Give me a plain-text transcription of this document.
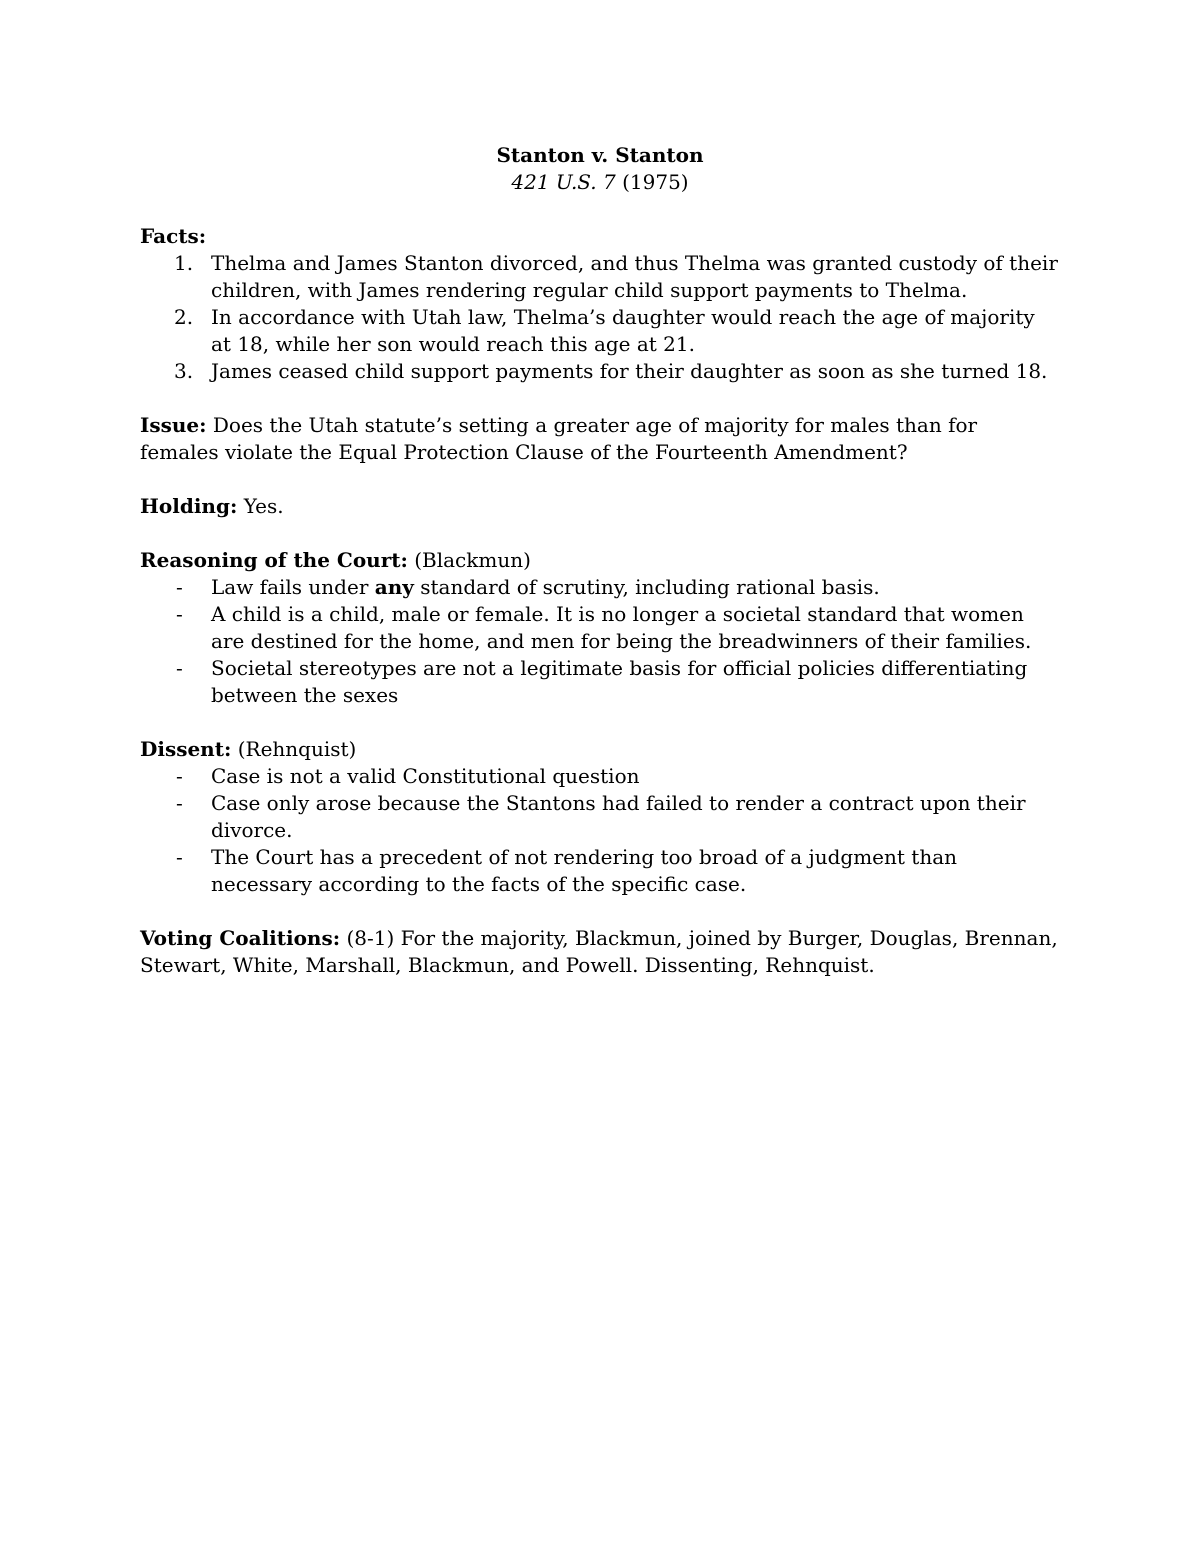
Stanton v. Stanton
421 U.S. 7 (1975)
Facts:
1. Thelma and James Stanton divorced, and thus Thelma was granted custody of their children, with James rendering regular child support payments to Thelma.
2. In accordance with Utah law, Thelma’s daughter would reach the age of majority at 18, while her son would reach this age at 21.
3. James ceased child support payments for their daughter as soon as she turned 18.
Issue: Does the Utah statute’s setting a greater age of majority for males than for females violate the Equal Protection Clause of the Fourteenth Amendment?
Holding: Yes.
Reasoning of the Court: (Blackmun)
- Law fails under any standard of scrutiny, including rational basis.
- A child is a child, male or female. It is no longer a societal standard that women are destined for the home, and men for being the breadwinners of their families.
- Societal stereotypes are not a legitimate basis for official policies differentiating between the sexes
Dissent: (Rehnquist)
- Case is not a valid Constitutional question
- Case only arose because the Stantons had failed to render a contract upon their divorce.
- The Court has a precedent of not rendering too broad of a judgment than necessary according to the facts of the specific case.
Voting Coalitions: (8-1) For the majority, Blackmun, joined by Burger, Douglas, Brennan, Stewart, White, Marshall, Blackmun, and Powell. Dissenting, Rehnquist.
